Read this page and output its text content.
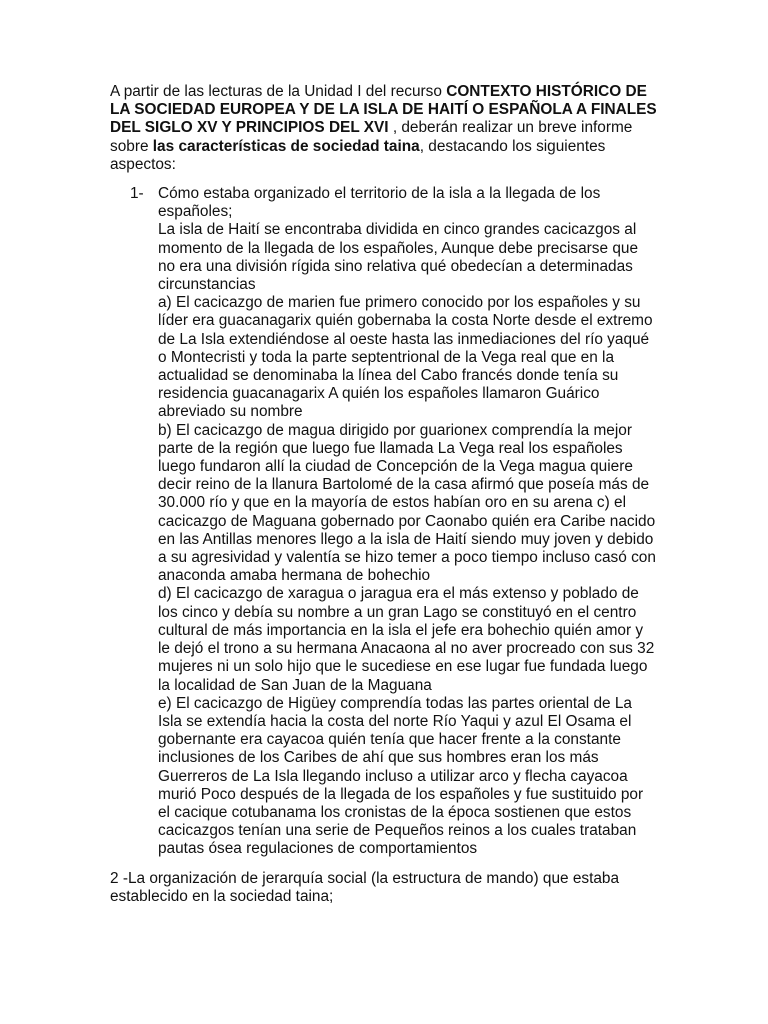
A partir de las lecturas de la Unidad I del recurso CONTEXTO HISTÓRICO DE LA SOCIEDAD EUROPEA Y DE LA ISLA DE HAITÍ O ESPAÑOLA A FINALES DEL SIGLO XV Y PRINCIPIOS DEL XVI , deberán realizar un breve informe sobre las características de sociedad taina, destacando los siguientes aspectos:

1- Cómo estaba organizado el territorio de la isla a la llegada de los españoles;
La isla de Haití se encontraba dividida en cinco grandes cacicazgos al momento de la llegada de los españoles, Aunque debe precisarse que no era una división rígida sino relativa qué obedecían a determinadas circunstancias
a) El cacicazgo de marien fue primero conocido por los españoles y su líder era guacanagarix quién gobernaba la costa Norte desde el extremo de La Isla extendiéndose al oeste hasta las inmediaciones del río yaqué o Montecristi y toda la parte septentrional de la Vega real que en la actualidad se denominaba la línea del Cabo francés donde tenía su residencia guacanagarix A quién los españoles llamaron Guárico abreviado su nombre
b) El cacicazgo de magua dirigido por guarionex comprendía la mejor parte de la región que luego fue llamada La Vega real los españoles luego fundaron allí la ciudad de Concepción de la Vega magua quiere decir reino de la llanura Bartolomé de la casa afirmó que poseía más de 30.000 río y que en la mayoría de estos habían oro en su arena c) el cacicazgo de Maguana gobernado por Caonabo quién era Caribe nacido en las Antillas menores llego a la isla de Haití siendo muy joven y debido a su agresividad y valentía se hizo temer a poco tiempo incluso casó con anaconda amaba hermana de bohechio
d) El cacicazgo de xaragua o jaragua era el más extenso y poblado de los cinco y debía su nombre a un gran Lago se constituyó en el centro cultural de más importancia en la isla el jefe era bohechio quién amor y le dejó el trono a su hermana Anacaona al no aver procreado con sus 32 mujeres ni un solo hijo que le sucediese en ese lugar fue fundada luego la localidad de San Juan de la Maguana
e) El cacicazgo de Higüey comprendía todas las partes oriental de La Isla se extendía hacia la costa del norte Río Yaqui y azul El Osama el gobernante era cayacoa quién tenía que hacer frente a la constante inclusiones de los Caribes de ahí que sus hombres eran los más Guerreros de La Isla llegando incluso a utilizar arco y flecha cayacoa murió Poco después de la llegada de los españoles y fue sustituido por el cacique cotubanama los cronistas de la época sostienen que estos cacicazgos tenían una serie de Pequeños reinos a los cuales trataban pautas ósea regulaciones de comportamientos

2 -La organización de jerarquía social (la estructura de mando) que estaba establecido en la sociedad taina;
